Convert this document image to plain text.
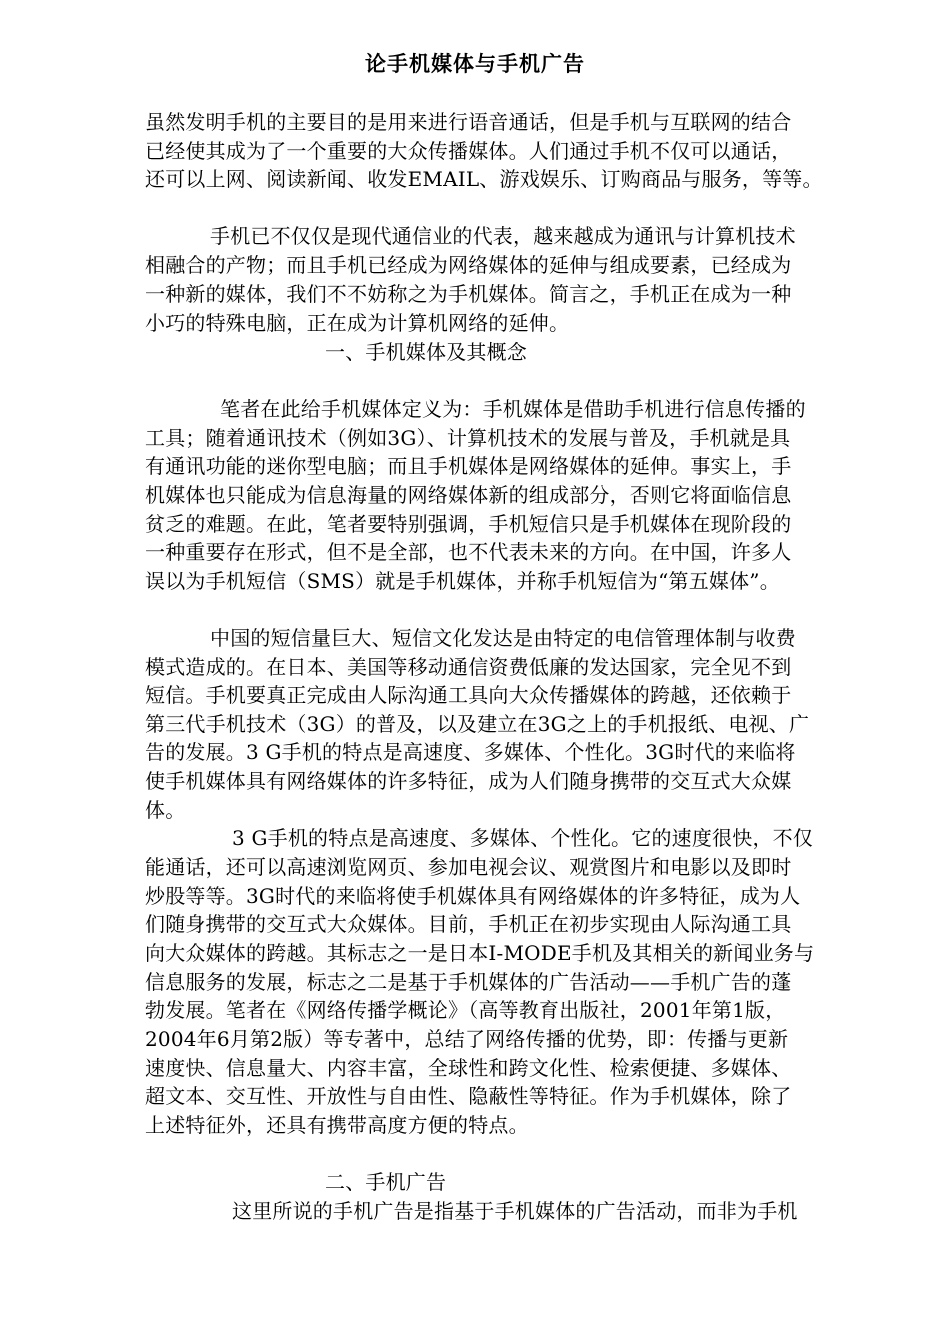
论手机媒体与手机广告
虽然发明手机的主要目的是用来进行语音通话，但是手机与互联网的结合
已经使其成为了一个重要的大众传播媒体。人们通过手机不仅可以通话，
还可以上网、阅读新闻、收发EMAIL、游戏娱乐、订购商品与服务，等等。
手机已不仅仅是现代通信业的代表，越来越成为通讯与计算机技术
相融合的产物；而且手机已经成为网络媒体的延伸与组成要素，已经成为
一种新的媒体，我们不不妨称之为手机媒体。简言之，手机正在成为一种
小巧的特殊电脑，正在成为计算机网络的延伸。
一、手机媒体及其概念
笔者在此给手机媒体定义为：手机媒体是借助手机进行信息传播的
工具；随着通讯技术（例如3G）、计算机技术的发展与普及，手机就是具
有通讯功能的迷你型电脑；而且手机媒体是网络媒体的延伸。事实上，手
机媒体也只能成为信息海量的网络媒体新的组成部分，否则它将面临信息
贫乏的难题。在此，笔者要特别强调，手机短信只是手机媒体在现阶段的
一种重要存在形式，但不是全部，也不代表未来的方向。在中国，许多人
误以为手机短信（SMS）就是手机媒体，并称手机短信为“第五媒体”。
中国的短信量巨大、短信文化发达是由特定的电信管理体制与收费
模式造成的。在日本、美国等移动通信资费低廉的发达国家，完全见不到
短信。手机要真正完成由人际沟通工具向大众传播媒体的跨越，还依赖于
第三代手机技术（3G）的普及，以及建立在3G之上的手机报纸、电视、广
告的发展。3 G手机的特点是高速度、多媒体、个性化。3G时代的来临将
使手机媒体具有网络媒体的许多特征，成为人们随身携带的交互式大众媒
体。
3 G手机的特点是高速度、多媒体、个性化。它的速度很快，不仅
能通话，还可以高速浏览网页、参加电视会议、观赏图片和电影以及即时
炒股等等。3G时代的来临将使手机媒体具有网络媒体的许多特征，成为人
们随身携带的交互式大众媒体。目前，手机正在初步实现由人际沟通工具
向大众媒体的跨越。其标志之一是日本I-MODE手机及其相关的新闻业务与
信息服务的发展，标志之二是基于手机媒体的广告活动——手机广告的蓬
勃发展。笔者在《网络传播学概论》（高等教育出版社，2001年第1版，
2004年6月第2版）等专著中，总结了网络传播的优势，即：传播与更新
速度快、信息量大、内容丰富，全球性和跨文化性、检索便捷、多媒体、
超文本、交互性、开放性与自由性、隐蔽性等特征。作为手机媒体，除了
上述特征外，还具有携带高度方便的特点。
二、手机广告
这里所说的手机广告是指基于手机媒体的广告活动，而非为手机
